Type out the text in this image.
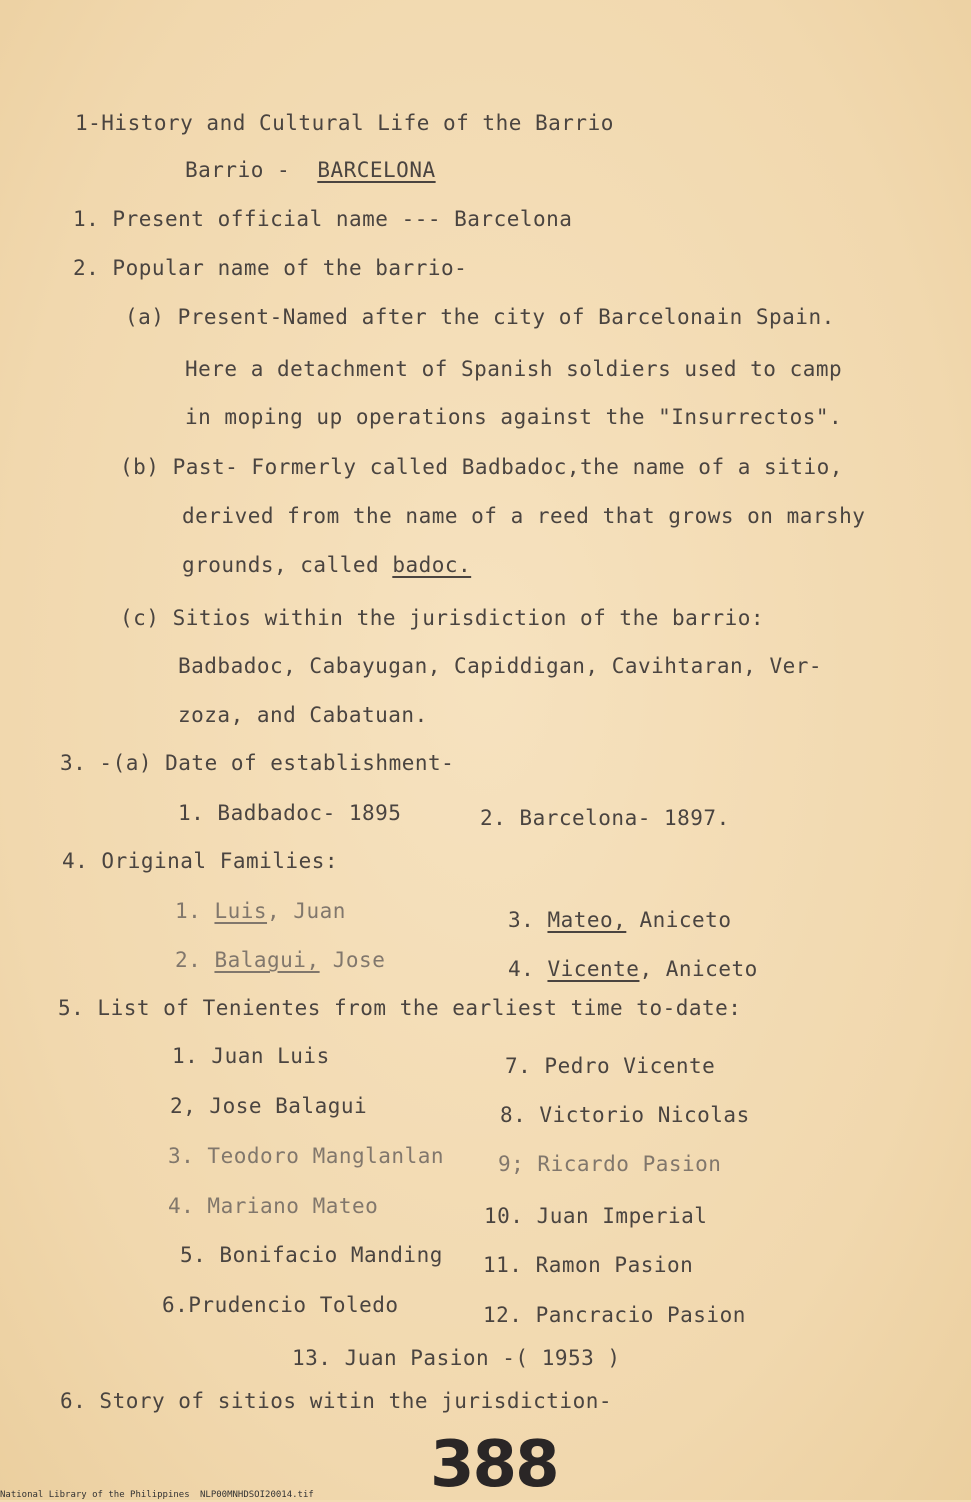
1-History and Cultural Life of the Barrio
Barrio - BARCELONA
1. Present official name --- Barcelona
2. Popular name of the barrio-
(a) Present-Named after the city of Barcelonain Spain.
Here a detachment of Spanish soldiers used to camp
in moping up operations against the "Insurrectos".
(b) Past- Formerly called Badbadoc,the name of a sitio,
derived from the name of a reed that grows on marshy
grounds, called badoc.
(c) Sitios within the jurisdiction of the barrio:
Badbadoc, Cabayugan, Capiddigan, Cavihtaran, Ver-
zoza, and Cabatuan.
3. -(a) Date of establishment-
1. Badbadoc- 1895	2. Barcelona- 1897.
4. Original Families:
1. Luis, Juan	3. Mateo, Aniceto
2. Balagui, Jose	4. Vicente, Aniceto
5. List of Tenientes from the earliest time to-date:
1. Juan Luis	7. Pedro Vicente
2, Jose Balagui	8. Victorio Nicolas
3. Teodoro Manglanlan	9; Ricardo Pasion
4. Mariano Mateo	10. Juan Imperial
5. Bonifacio Manding 11. Ramon Pasion
6.Prudencio Toledo	12. Pancracio Pasion
13. Juan Pasion -( 1953 )
6. Story of sitios witin the jurisdiction-
388
National Library of the Philippines NLP00MNHDSOI20014.tif
